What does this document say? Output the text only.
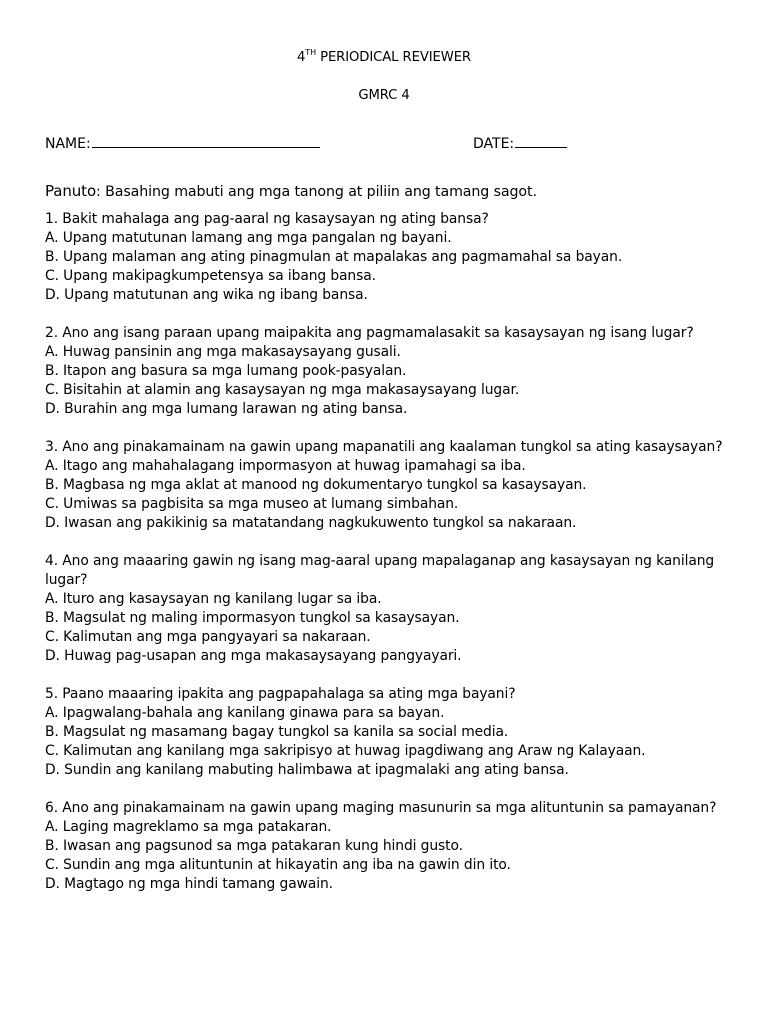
4TH PERIODICAL REVIEWER
GMRC 4
NAME:	DATE:
Panuto: Basahing mabuti ang mga tanong at piliin ang tamang sagot.
1. Bakit mahalaga ang pag-aaral ng kasaysayan ng ating bansa?
A. Upang matutunan lamang ang mga pangalan ng bayani.
B. Upang malaman ang ating pinagmulan at mapalakas ang pagmamahal sa bayan.
C. Upang makipagkumpetensya sa ibang bansa.
D. Upang matutunan ang wika ng ibang bansa.
2. Ano ang isang paraan upang maipakita ang pagmamalasakit sa kasaysayan ng isang lugar?
A. Huwag pansinin ang mga makasaysayang gusali.
B. Itapon ang basura sa mga lumang pook-pasyalan.
C. Bisitahin at alamin ang kasaysayan ng mga makasaysayang lugar.
D. Burahin ang mga lumang larawan ng ating bansa.
3. Ano ang pinakamainam na gawin upang mapanatili ang kaalaman tungkol sa ating kasaysayan?
A. Itago ang mahahalagang impormasyon at huwag ipamahagi sa iba.
B. Magbasa ng mga aklat at manood ng dokumentaryo tungkol sa kasaysayan.
C. Umiwas sa pagbisita sa mga museo at lumang simbahan.
D. Iwasan ang pakikinig sa matatandang nagkukuwento tungkol sa nakaraan.
4. Ano ang maaaring gawin ng isang mag-aaral upang mapalaganap ang kasaysayan ng kanilang lugar?
A. Ituro ang kasaysayan ng kanilang lugar sa iba.
B. Magsulat ng maling impormasyon tungkol sa kasaysayan.
C. Kalimutan ang mga pangyayari sa nakaraan.
D. Huwag pag-usapan ang mga makasaysayang pangyayari.
5. Paano maaaring ipakita ang pagpapahalaga sa ating mga bayani?
A. Ipagwalang-bahala ang kanilang ginawa para sa bayan.
B. Magsulat ng masamang bagay tungkol sa kanila sa social media.
C. Kalimutan ang kanilang mga sakripisyo at huwag ipagdiwang ang Araw ng Kalayaan.
D. Sundin ang kanilang mabuting halimbawa at ipagmalaki ang ating bansa.
6. Ano ang pinakamainam na gawin upang maging masunurin sa mga alituntunin sa pamayanan?
A. Laging magreklamo sa mga patakaran.
B. Iwasan ang pagsunod sa mga patakaran kung hindi gusto.
C. Sundin ang mga alituntunin at hikayatin ang iba na gawin din ito.
D. Magtago ng mga hindi tamang gawain.
